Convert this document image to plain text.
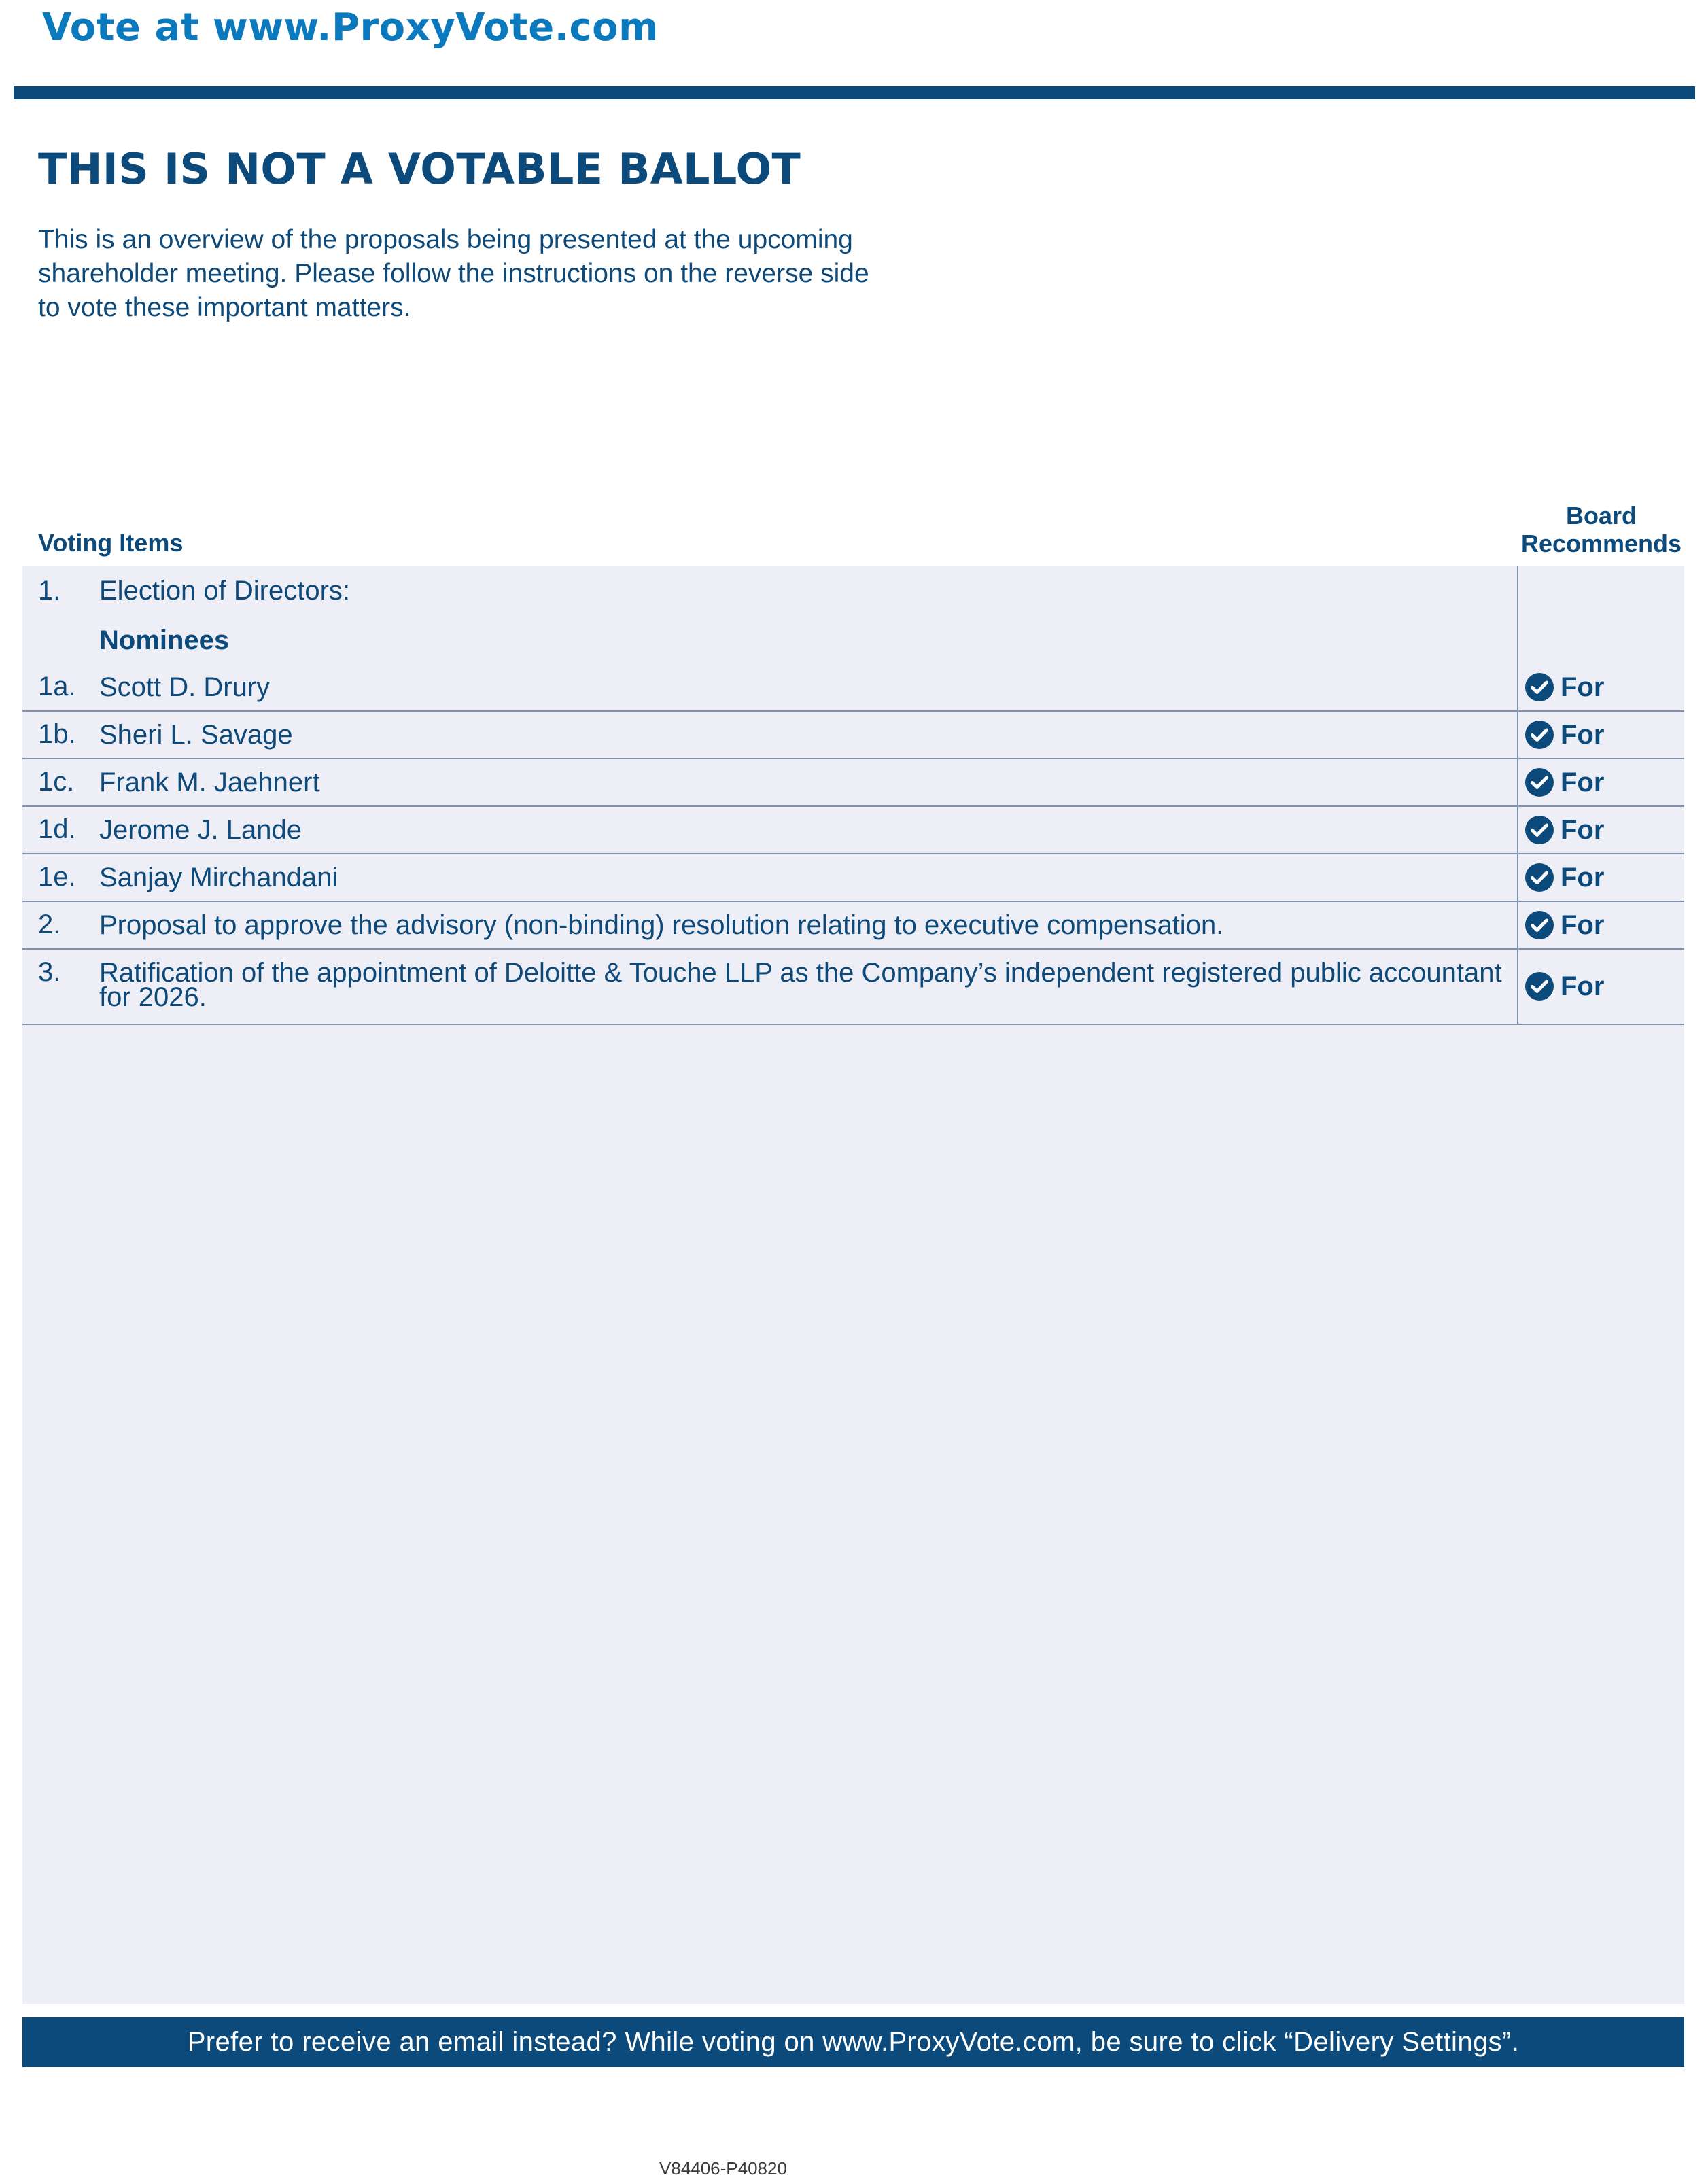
Vote at www.ProxyVote.com
THIS IS NOT A VOTABLE BALLOT

This is an overview of the proposals being presented at the upcoming shareholder meeting. Please follow the instructions on the reverse side to vote these important matters.

Voting Items
Board Recommends
1. Election of Directors:
Nominees
1a. Scott D. Drury	For
1b. Sheri L. Savage	For
1c. Frank M. Jaehnert	For
1d. Jerome J. Lande	For
1e. Sanjay Mirchandani	For
2. Proposal to approve the advisory (non-binding) resolution relating to executive compensation.	For
3. Ratification of the appointment of Deloitte & Touche LLP as the Company’s independent registered public accountant for 2026.	For
Prefer to receive an email instead? While voting on www.ProxyVote.com, be sure to click “Delivery Settings”.
V84406-P40820
